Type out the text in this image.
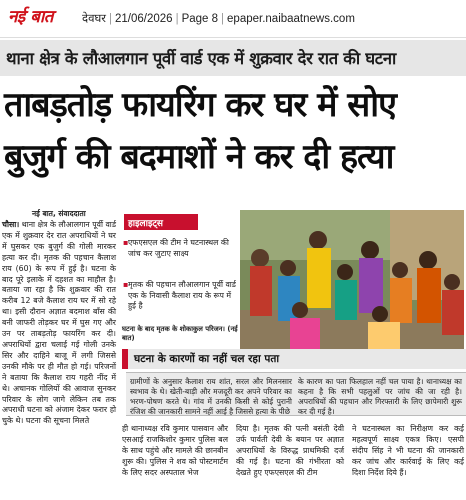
नई बात	देवघर | 21/06/2026 | Page 8 | epaper.naibaatnews.com
थाना क्षेत्र के लौआलगान पूर्वी वार्ड एक में शुक्रवार देर रात की घटना
ताबड़तोड़ फायरिंग कर घर में सोए
बुजुर्ग की बदमाशों ने कर दी हत्या
नई बात, संवाददाता
चौसा। थाना क्षेत्र के लौआलगान पूर्वी वार्ड एक में शुक्रवार देर रात अपराधियों ने घर में घुसकर एक बुजुर्ग की गोली मारकर हत्या कर दी। मृतक की पहचान कैलाश राय (60) के रूप में हुई है। घटना के बाद पूरे इलाके में दहशत का माहौल है। बताया जा रहा है कि शुक्रवार की रात करीब 12 बजे कैलाश राय घर में सो रहे था। इसी दौरान अज्ञात बदमाश बाँस की बनी जाफरी तोड़कर घर में घुस गए और उन पर ताबड़तोड़ फायरिंग कर दी। अपराधियों द्वारा चलाई गई गोली उनके सिर और दाहिने बाजू में लगी जिससे उनकी मौके पर ही मौत हो गई। परिजनों ने बताया कि कैलाश राय गहरी नींद में थे। अचानक गोलियों की आवाज सुनकर परिवार के लोग जागे लेकिन तब तक अपराधी घटना को अंजाम देकर फरार हो चुके थे। घटना की सूचना मिलते
हाइलाइट्स
▪ एफएसएल की टीम ने घटनास्थल की जांच कर जुटाए साक्ष्य
▪ मृतक की पहचान लौआलगान पूर्वी वार्ड एक के निवासी कैलाश राय के रूप में हुई है
घटना के बाद मृतक के शोकाकुल परिजन। (नई बात)
घटना के कारणों का नहीं चल रहा पता
ग्रामीणों के अनुसार कैलाश राय शांत, सरल और मिलनसार स्वभाव के थे। खेती-बाड़ी और मजदूरी कर अपने परिवार का भरण-पोषण करते थे। गांव में उनकी किसी से कोई पुरानी रंजिश की जानकारी सामने नहीं आई है जिससे हत्या के पीछे
के कारण का पता फिलहाल नहीं चल पाया है। थानाध्यक्ष का कहना है कि सभी पहलुओं पर जांच की जा रही है। अपराधियों की पहचान और गिरफ्तारी के लिए छापेमारी शुरू कर दी गई है।
ही थानाध्यक्ष रवि कुमार पासवान और एसआई राजकिशोर कुमार पुलिस बल के साथ पहुंचे और मामले की छानबीन शुरू की। पुलिस ने शव को पोस्टमार्टम के लिए सदर अस्पताल भेज
दिया है। मृतक की पत्नी बसंती देवी उर्फ पार्वती देवी के बयान पर अज्ञात अपराधियों के विरुद्ध प्राथमिकी दर्ज की गई है। घटना की गंभीरता को देखते हुए एफएसएल की टीम
ने घटनास्थल का निरीक्षण कर कई महत्वपूर्ण साक्ष्य एकत्र किए। एसपी संदीप सिंह ने भी घटना की जानकारी कर जांच और कार्रवाई के लिए कई दिशा निर्देश दिये हैं।
